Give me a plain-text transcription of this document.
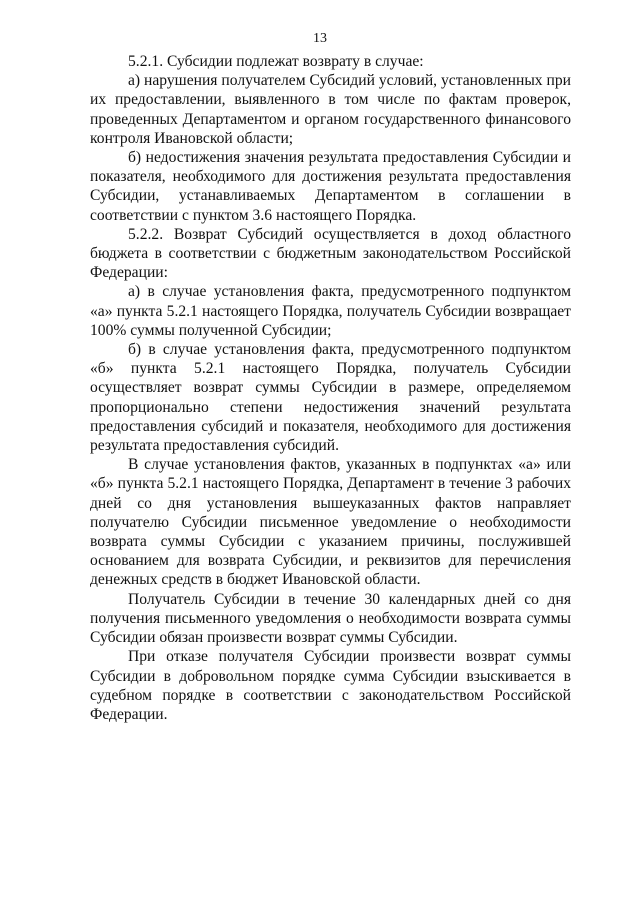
13

5.2.1. Субсидии подлежат возврату в случае:

а) нарушения получателем Субсидий условий, установленных при их предоставлении, выявленного в том числе по фактам проверок, проведенных Департаментом и органом государственного финансового контроля Ивановской области;

б) недостижения значения результата предоставления Субсидии и показателя, необходимого для достижения результата предоставления Субсидии, устанавливаемых Департаментом в соглашении в соответствии с пунктом 3.6 настоящего Порядка.

5.2.2. Возврат Субсидий осуществляется в доход областного бюджета в соответствии с бюджетным законодательством Российской Федерации:

а) в случае установления факта, предусмотренного подпунктом «а» пункта 5.2.1 настоящего Порядка, получатель Субсидии возвращает 100% суммы полученной Субсидии;

б) в случае установления факта, предусмотренного подпунктом «б» пункта 5.2.1 настоящего Порядка, получатель Субсидии осуществляет возврат суммы Субсидии в размере, определяемом пропорционально степени недостижения значений результата предоставления субсидий и показателя, необходимого для достижения результата предоставления субсидий.

В случае установления фактов, указанных в подпунктах «а» или «б» пункта 5.2.1 настоящего Порядка, Департамент в течение 3 рабочих дней со дня установления вышеуказанных фактов направляет получателю Субсидии письменное уведомление о необходимости возврата суммы Субсидии с указанием причины, послужившей основанием для возврата Субсидии, и реквизитов для перечисления денежных средств в бюджет Ивановской области.

Получатель Субсидии в течение 30 календарных дней со дня получения письменного уведомления о необходимости возврата суммы Субсидии обязан произвести возврат суммы Субсидии.

При отказе получателя Субсидии произвести возврат суммы Субсидии в добровольном порядке сумма Субсидии взыскивается в судебном порядке в соответствии с законодательством Российской Федерации.
